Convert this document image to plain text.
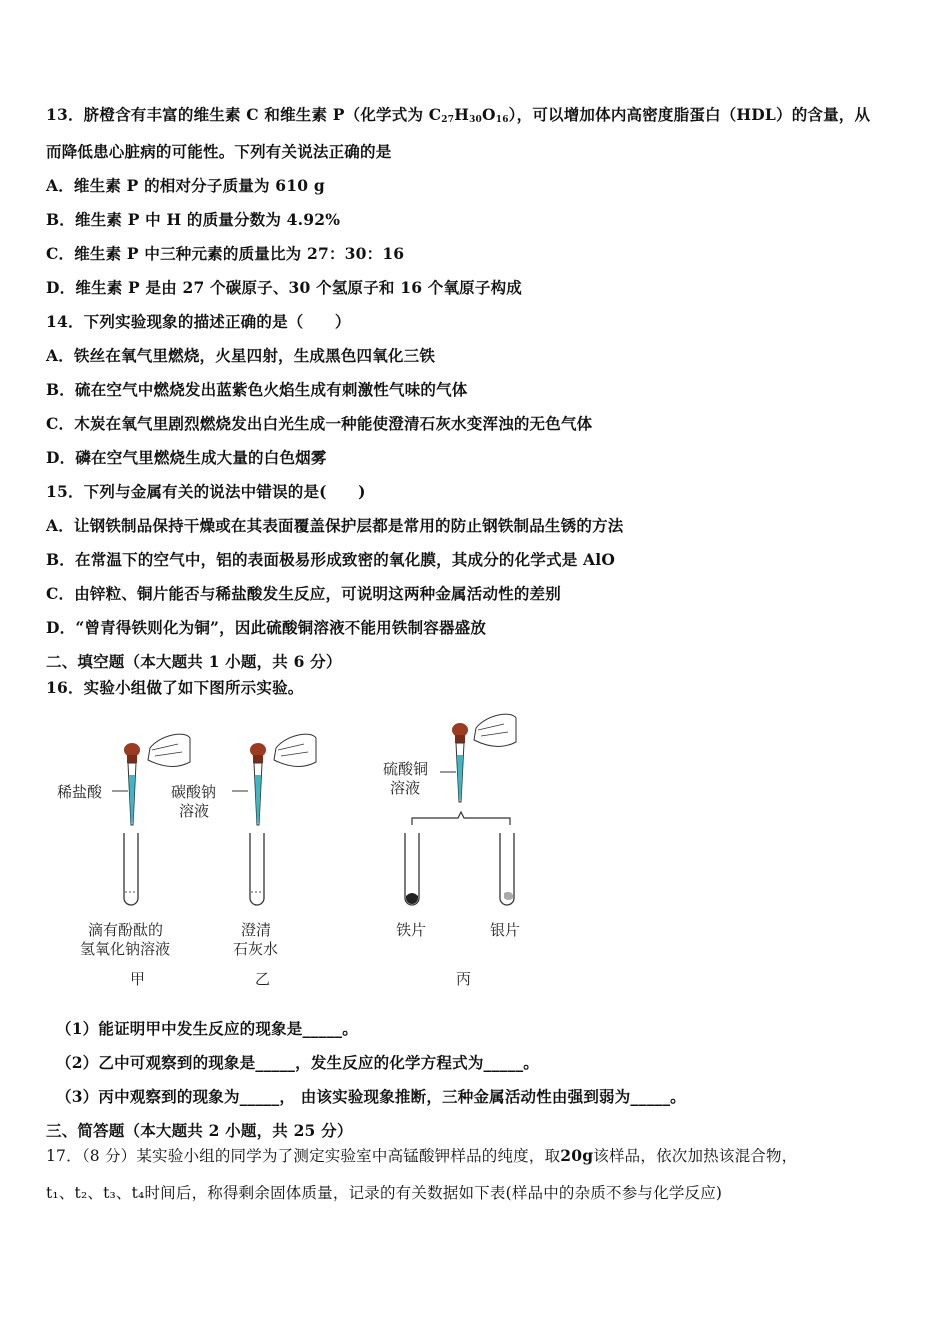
13．脐橙含有丰富的维生素 C 和维生素 P（化学式为 $C_{27}H_{30}O_{16}$），可以增加体内高密度脂蛋白（HDL）的含量，从
而降低患心脏病的可能性。下列有关说法正确的是
A．维生素 P 的相对分子质量为 610 g
B．维生素 P 中 H 的质量分数为 4.92%
C．维生素 P 中三种元素的质量比为 27：30：16
D．维生素 P 是由 27 个碳原子、30 个氢原子和 16 个氧原子构成
14．下列实验现象的描述正确的是（　　）
A．铁丝在氧气里燃烧，火星四射，生成黑色四氧化三铁
B．硫在空气中燃烧发出蓝紫色火焰生成有刺激性气味的气体
C．木炭在氧气里剧烈燃烧发出白光生成一种能使澄清石灰水变浑浊的无色气体
D．磷在空气里燃烧生成大量的白色烟雾
15．下列与金属有关的说法中错误的是(　　)
A．让钢铁制品保持干燥或在其表面覆盖保护层都是常用的防止钢铁制品生锈的方法
B．在常温下的空气中，铝的表面极易形成致密的氧化膜，其成分的化学式是 AlO
C．由锌粒、铜片能否与稀盐酸发生反应，可说明这两种金属活动性的差别
D．“曾青得铁则化为铜”，因此硫酸铜溶液不能用铁制容器盛放
二、填空题（本大题共 1 小题，共 6 分）
16．实验小组做了如下图所示实验。
稀盐酸	碳酸钠
溶液
硫酸铜
溶液
滴有酚酞的
氢氧化钠溶液
澄清
石灰水
铁片	银片
甲	乙	丙
（1）能证明甲中发生反应的现象是_____。
（2）乙中可观察到的现象是_____，发生反应的化学方程式为_____。
（3）丙中观察到的现象为_____， 由该实验现象推断，三种金属活动性由强到弱为_____。
三、简答题（本大题共 2 小题，共 25 分）
17．（8 分）某实验小组的同学为了测定实验室中高锰酸钾样品的纯度，取20g该样品，依次加热该混合物，
t₁、t₂、t₃、t₄时间后，称得剩余固体质量，记录的有关数据如下表(样品中的杂质不参与化学反应)
